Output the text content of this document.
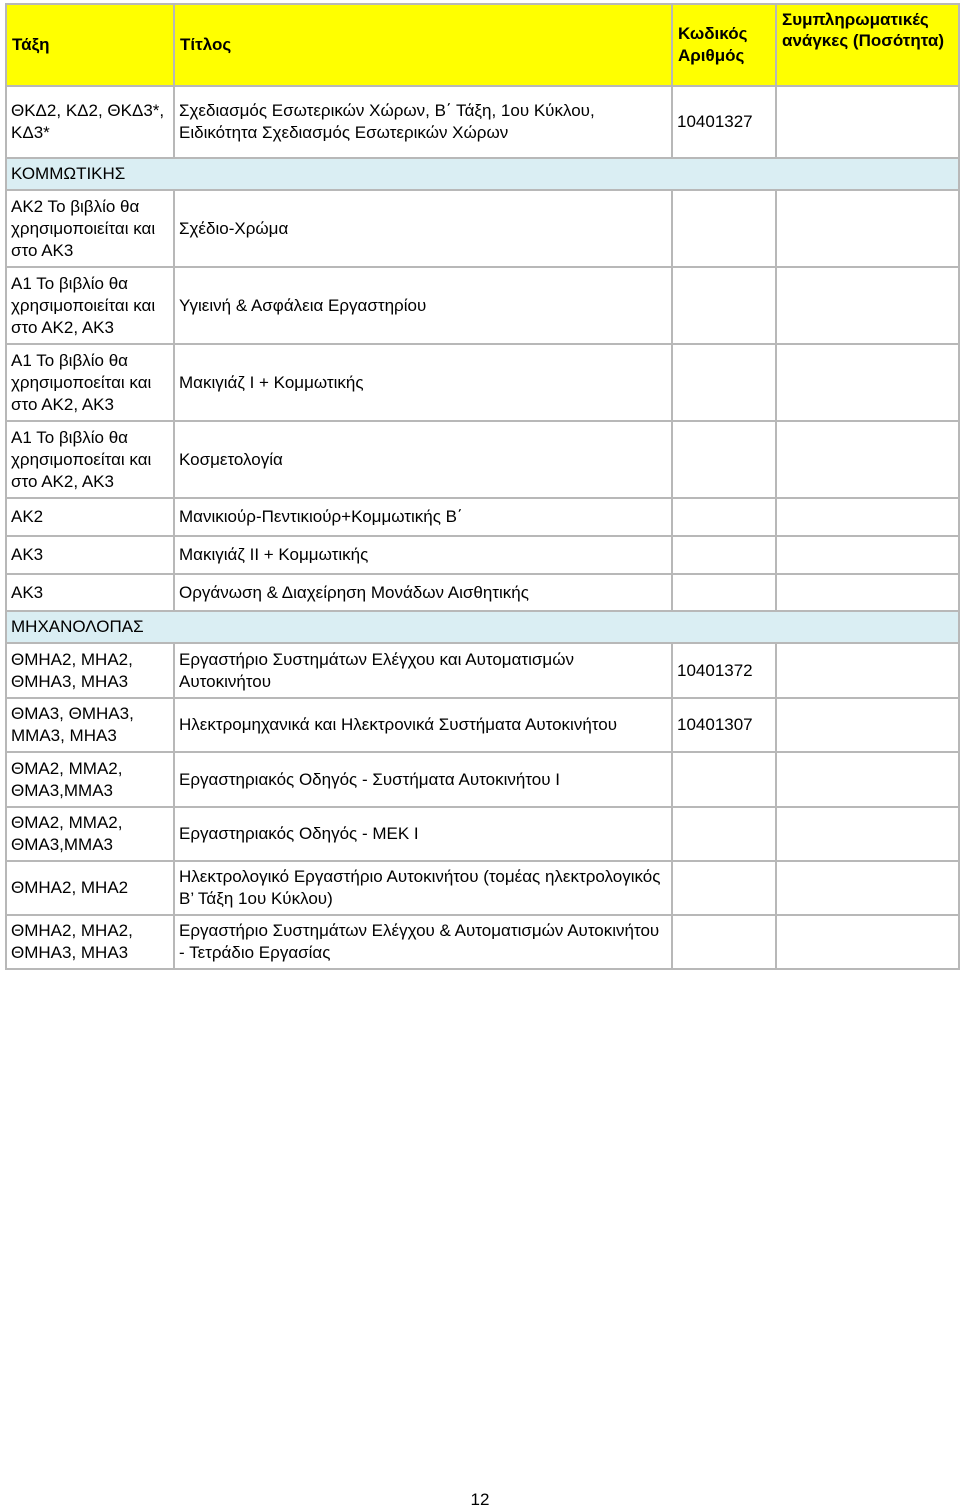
Τάξη	Τίτλος	Κωδικός Αριθμός	Συμπληρωματικές ανάγκες (Ποσότητα)
ΘΚΔ2, ΚΔ2, ΘΚΔ3*, ΚΔ3*	Σχεδιασμός Εσωτερικών Χώρων, Β΄ Τάξη, 1ου Κύκλου, Ειδικότητα Σχεδιασμός Εσωτερικών Χώρων	10401327	
ΚΟΜΜΩΤΙΚΗΣ			
ΑΚ2 Το βιβλίο θα χρησιμοποιείται και στο ΑΚ3	Σχέδιο-Χρώμα		
Α1 Το βιβλίο θα χρησιμοποιείται και στο ΑΚ2, ΑΚ3	Υγιεινή & Ασφάλεια Εργαστηρίου		
Α1 Το βιβλίο θα χρησιμοποείται και στο ΑΚ2, ΑΚ3	Μακιγιάζ Ι + Κομμωτικής		
Α1 Το βιβλίο θα χρησιμοποείται και στο ΑΚ2, ΑΚ3	Κοσμετολογία		
ΑΚ2	Μανικιούρ-Πεντικιούρ+Κομμωτικής Β΄		
ΑΚ3	Μακιγιάζ ΙΙ + Κομμωτικής		
ΑΚ3	Οργάνωση & Διαχείρηση Μονάδων Αισθητικής		
ΜΗΧΑΝΟΛΟΠΑΣ			
ΘΜΗΑ2, ΜΗΑ2, ΘΜΗΑ3, ΜΗΑ3	Εργαστήριο Συστημάτων Ελέγχου και Αυτοματισμών Αυτοκινήτου	10401372	
ΘΜΑ3, ΘΜΗΑ3, ΜΜΑ3, ΜΗΑ3	Ηλεκτρομηχανικά και Ηλεκτρονικά Συστήματα Αυτοκινήτου	10401307	
ΘΜΑ2, ΜΜΑ2, ΘΜΑ3,ΜΜΑ3	Εργαστηριακός Οδηγός - Συστήματα Αυτοκινήτου Ι		
ΘΜΑ2, ΜΜΑ2, ΘΜΑ3,ΜΜΑ3	Εργαστηριακός Οδηγός - ΜΕΚ Ι		
ΘΜΗΑ2, ΜΗΑ2	Ηλεκτρολογικό Εργαστήριο Αυτοκινήτου (τομέας ηλεκτρολογικός Β’ Τάξη 1ου Κύκλου)		
ΘΜΗΑ2, ΜΗΑ2, ΘΜΗΑ3, ΜΗΑ3	Εργαστήριο Συστημάτων Ελέγχου & Αυτοματισμών Αυτοκινήτου - Τετράδιο Εργασίας		
12
